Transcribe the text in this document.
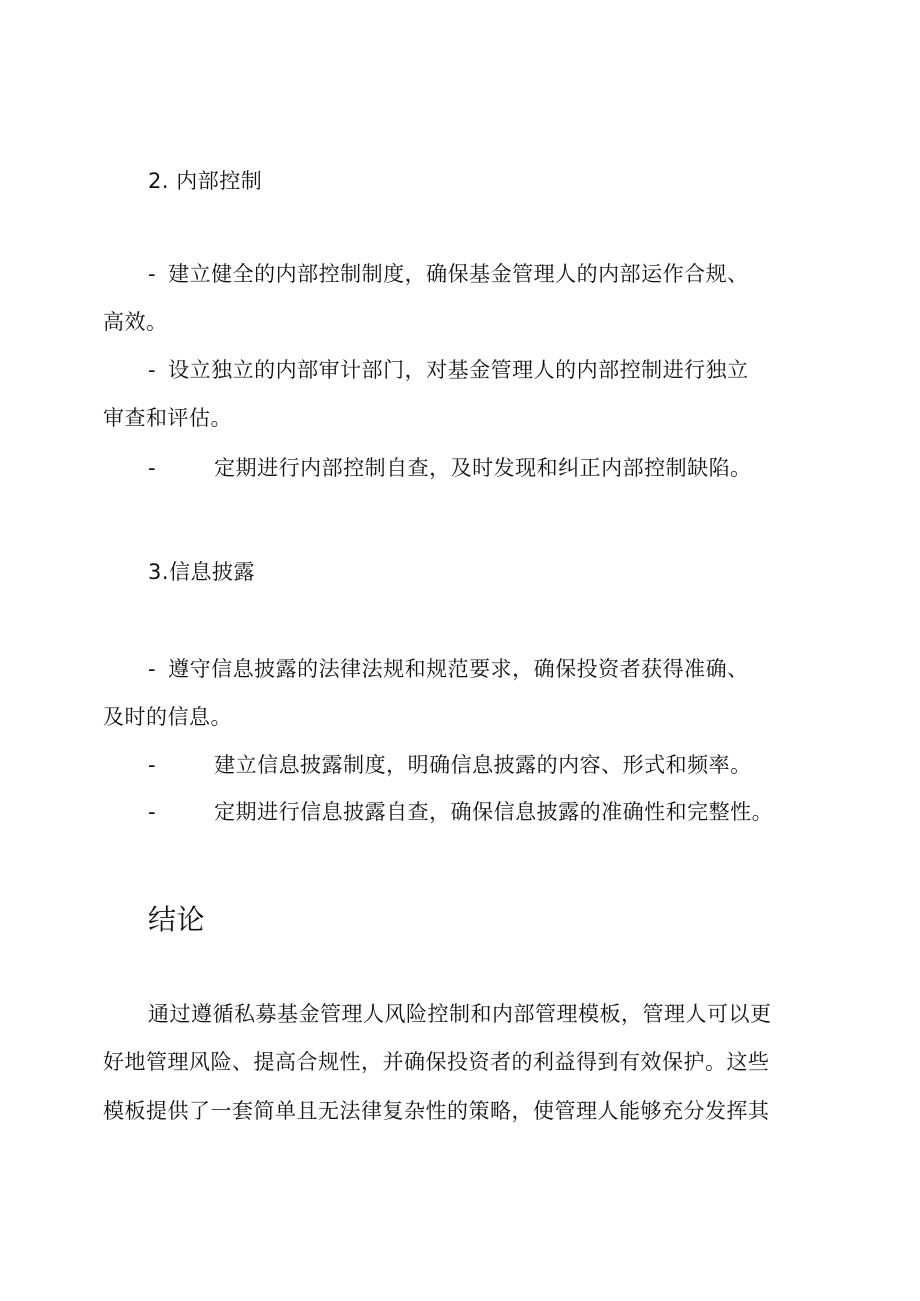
2. 内部控制
- 建立健全的内部控制制度，确保基金管理人的内部运作合规、
高效。
- 设立独立的内部审计部门，对基金管理人的内部控制进行独立
审查和评估。
-	定期进行内部控制自查，及时发现和纠正内部控制缺陷。
3.信息披露
- 遵守信息披露的法律法规和规范要求，确保投资者获得准确、
及时的信息。
-	建立信息披露制度，明确信息披露的内容、形式和频率。
-	定期进行信息披露自查，确保信息披露的准确性和完整性。
结论
通过遵循私募基金管理人风险控制和内部管理模板，管理人可以更
好地管理风险、提高合规性，并确保投资者的利益得到有效保护。这些
模板提供了一套简单且无法律复杂性的策略，使管理人能够充分发挥其
